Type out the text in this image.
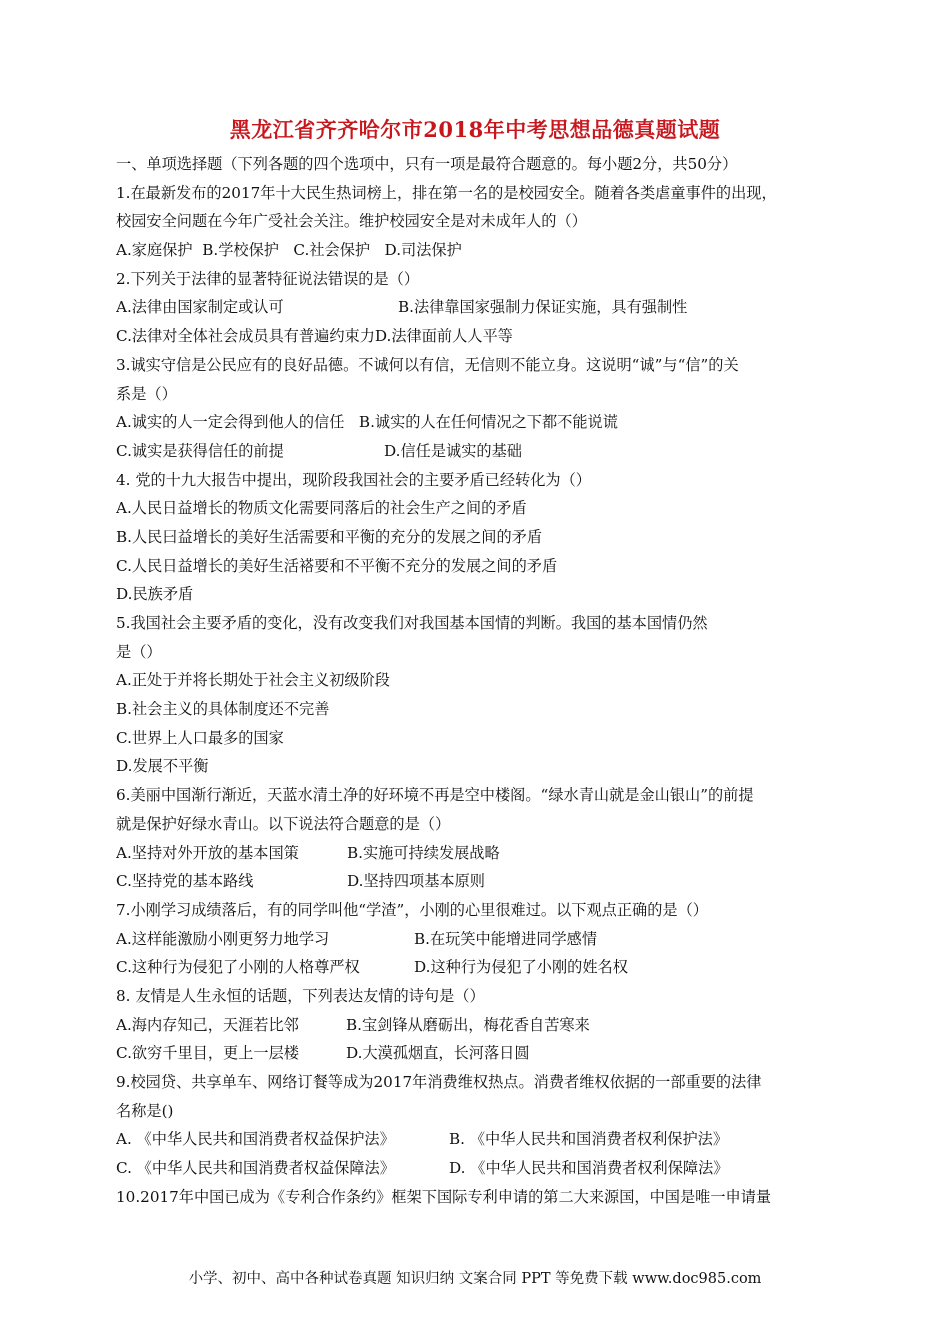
黑龙江省齐齐哈尔市2018年中考思想品德真题试题
一、单项选择题（下列各题的四个选项中，只有一项是最符合题意的。每小题2分，共50分）
1.在最新发布的2017年十大民生热词榜上，排在第一名的是校园安全。随着各类虐童事件的出现，
校园安全问题在今年广受社会关注。维护校园安全是对未成年人的（）
A.家庭保护  B.学校保护   C.社会保护   D.司法保护
2.下列关于法律的显著特征说法错误的是（）
A.法律由国家制定或认可	B.法律靠国家强制力保证实施，具有强制性
C.法律对全体社会成员具有普遍约束力D.法律面前人人平等
3.诚实守信是公民应有的良好品德。不诚何以有信，无信则不能立身。这说明“诚”与“信”的关
系是（）
A.诚实的人一定会得到他人的信任   B.诚实的人在任何情况之下都不能说谎
C.诚实是获得信任的前提	D.信任是诚实的基础
4. 党的十九大报告中提出，现阶段我国社会的主要矛盾已经转化为（）
A.人民日益增长的物质文化需要同落后的社会生产之间的矛盾
B.人民曰益增长的美好生活需要和平衡的充分的发展之间的矛盾
C.人民日益增长的美好生活褡要和不平衡不充分的发展之间的矛盾
D.民族矛盾
5.我国社会主要矛盾的变化，没有改变我们对我国基本国情的判断。我国的基本国情仍然
是（）
A.正处于并将长期处于社会主义初级阶段
B.社会主义的具体制度还不完善
C.世界上人口最多的国家
D.发展不平衡
6.美丽中国渐行渐近，天蓝水清土净的好环境不再是空中楼阁。“绿水青山就是金山银山”的前提
就是保护好绿水青山。以下说法符合题意的是（）
A.坚持对外开放的基本国策	B.实施可持续发展战略
C.坚持党的基本路线	D.坚持四项基本原则
7.小刚学习成绩落后，有的同学叫他“学渣”，小刚的心里很难过。以下观点正确的是（）
A.这样能激励小刚更努力地学习	B.在玩笑中能增进同学感情
C.这种行为侵犯了小刚的人格尊严权	D.这种行为侵犯了小刚的姓名权
8. 友情是人生永恒的话题，下列表达友情的诗句是（）
A.海内存知己，天涯若比邻	B.宝剑锋从磨砺出，梅花香自苦寒来
C.欲穷千里目，更上一层楼	D.大漠孤烟直，长河落日圆
9.校园贷、共享单车、网络订餐等成为2017年消费维权热点。消费者维权依据的一部重要的法律
名称是()
A. 《中华人民共和国消费者权益保护法》	B. 《中华人民共和国消费者权利保护法》
C. 《中华人民共和国消费者权益保障法》	D. 《中华人民共和国消费者权利保障法》
10.2017年中国已成为《专利合作条约》框架下国际专利申请的第二大来源国，中国是唯一申请量
小学、初中、高中各种试卷真题 知识归纳 文案合同 PPT 等免费下载 www.doc985.com
